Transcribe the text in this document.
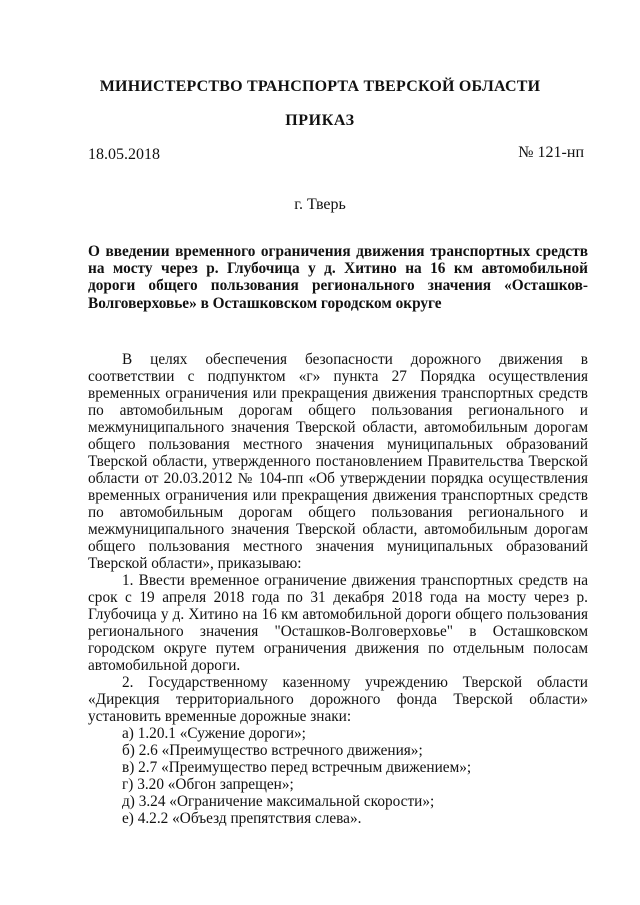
МИНИСТЕРСТВО ТРАНСПОРТА ТВЕРСКОЙ ОБЛАСТИ
ПРИКАЗ
18.05.2018	№ 121-нп
г. Тверь
О введении временного ограничения движения транспортных средств на мосту через р. Глубочица у д. Хитино на 16 км автомобильной дороги общего пользования регионального значения «Осташков-Волговерховье» в Осташковском городском округе

В целях обеспечения безопасности дорожного движения в соответствии с подпунктом «г» пункта 27 Порядка осуществления временных ограничения или прекращения движения транспортных средств по автомобильным дорогам общего пользования регионального и межмуниципального значения Тверской области, автомобильным дорогам общего пользования местного значения муниципальных образований Тверской области, утвержденного постановлением Правительства Тверской области от 20.03.2012 № 104-пп «Об утверждении порядка осуществления временных ограничения или прекращения движения транспортных средств по автомобильным дорогам общего пользования регионального и межмуниципального значения Тверской области, автомобильным дорогам общего пользования местного значения муниципальных образований Тверской области», приказываю:

1. Ввести временное ограничение движения транспортных средств на срок с 19 апреля 2018 года по 31 декабря 2018 года на мосту через р. Глубочица у д. Хитино на 16 км автомобильной дороги общего пользования регионального значения "Осташков-Волговерховье" в Осташковском городском округе путем ограничения движения по отдельным полосам автомобильной дороги.

2. Государственному казенному учреждению Тверской области «Дирекция территориального дорожного фонда Тверской области» установить временные дорожные знаки:

а) 1.20.1 «Сужение дороги»;
б) 2.6 «Преимущество встречного движения»;
в) 2.7 «Преимущество перед встречным движением»;
г) 3.20 «Обгон запрещен»;
д) 3.24 «Ограничение максимальной скорости»;
е) 4.2.2 «Объезд препятствия слева».
